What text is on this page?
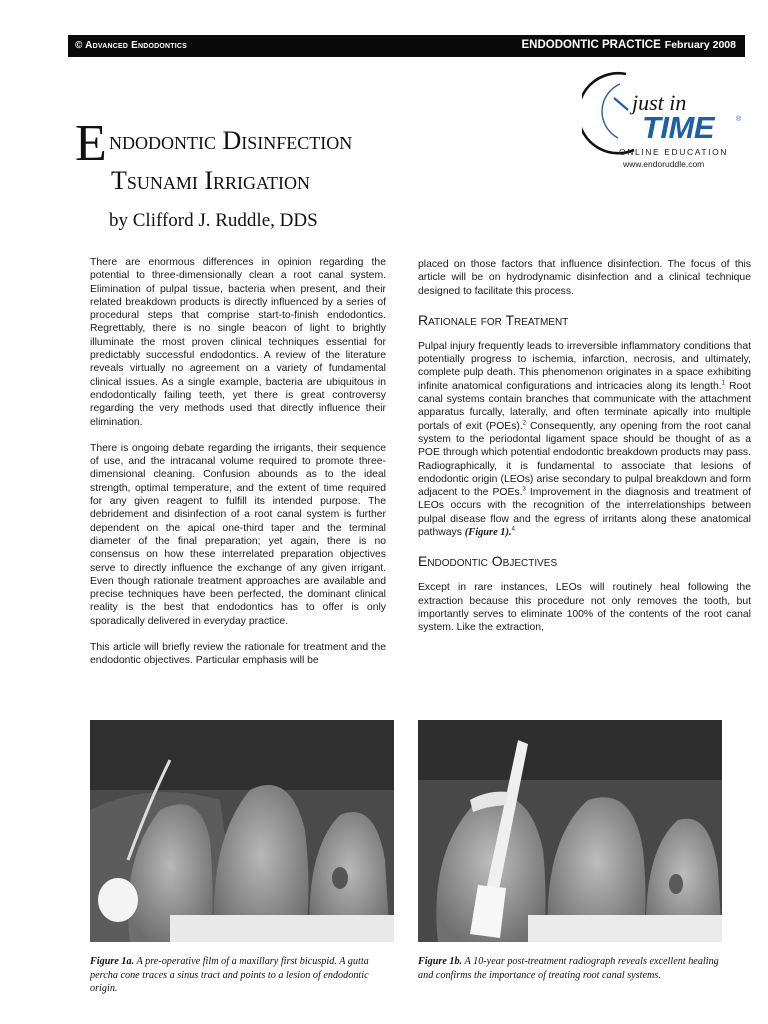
© Advanced Endodontics	ENDODONTIC PRACTICE February 2008
just in
TIME	®
ONLINE EDUCATION
www.endoruddle.com
E ndodontic Disinfection
Tsunami Irrigation
by Clifford J. Ruddle, DDS

There are enormous differences in opinion regarding the potential to three-dimensionally clean a root canal system. Elimination of pulpal tissue, bacteria when present, and their related breakdown products is directly influenced by a series of procedural steps that comprise start-to-finish endodontics. Regrettably, there is no single beacon of light to brightly illuminate the most proven clinical techniques essential for predictably successful endodontics. A review of the literature reveals virtually no agreement on a variety of fundamental clinical issues. As a single example, bacteria are ubiquitous in endodontically failing teeth, yet there is great controversy regarding the very methods used that directly influence their elimination.

There is ongoing debate regarding the irrigants, their sequence of use, and the intracanal volume required to promote three-dimensional cleaning. Confusion abounds as to the ideal strength, optimal temperature, and the extent of time required for any given reagent to fulfill its intended purpose. The debridement and disinfection of a root canal system is further dependent on the apical one-third taper and the terminal diameter of the final preparation; yet again, there is no consensus on how these interrelated preparation objectives serve to directly influence the exchange of any given irrigant. Even though rationale treatment approaches are available and precise techniques have been perfected, the dominant clinical reality is the best that endodontics has to offer is only sporadically delivered in everyday practice.

This article will briefly review the rationale for treatment and the endodontic objectives. Particular emphasis will be

placed on those factors that influence disinfection. The focus of this article will be on hydrodynamic disinfection and a clinical technique designed to facilitate this process.

Rationale for Treatment

Pulpal injury frequently leads to irreversible inflammatory conditions that potentially progress to ischemia, infarction, necrosis, and ultimately, complete pulp death. This phenomenon originates in a space exhibiting infinite anatomical configurations and intricacies along its length.$^1$ Root canal systems contain branches that communicate with the attachment apparatus furcally, laterally, and often terminate apically into multiple portals of exit (POEs).$^2$ Consequently, any opening from the root canal system to the periodontal ligament space should be thought of as a POE through which potential endodontic breakdown products may pass. Radiographically, it is fundamental to associate that lesions of endodontic origin (LEOs) arise secondary to pulpal breakdown and form adjacent to the POEs.$^3$ Improvement in the diagnosis and treatment of LEOs occurs with the recognition of the interrelationships between pulpal disease flow and the egress of irritants along these anatomical pathways (Figure 1).$^4$

Endodontic Objectives

Except in rare instances, LEOs will routinely heal following the extraction because this procedure not only removes the tooth, but importantly serves to eliminate 100% of the contents of the root canal system. Like the extraction,

Figure 1a. A pre-operative film of a maxillary first bicuspid. A gutta percha cone traces a sinus tract and points to a lesion of endodontic origin.
Figure 1b. A 10-year post-treatment radiograph reveals excellent healing and confirms the importance of treating root canal systems.
